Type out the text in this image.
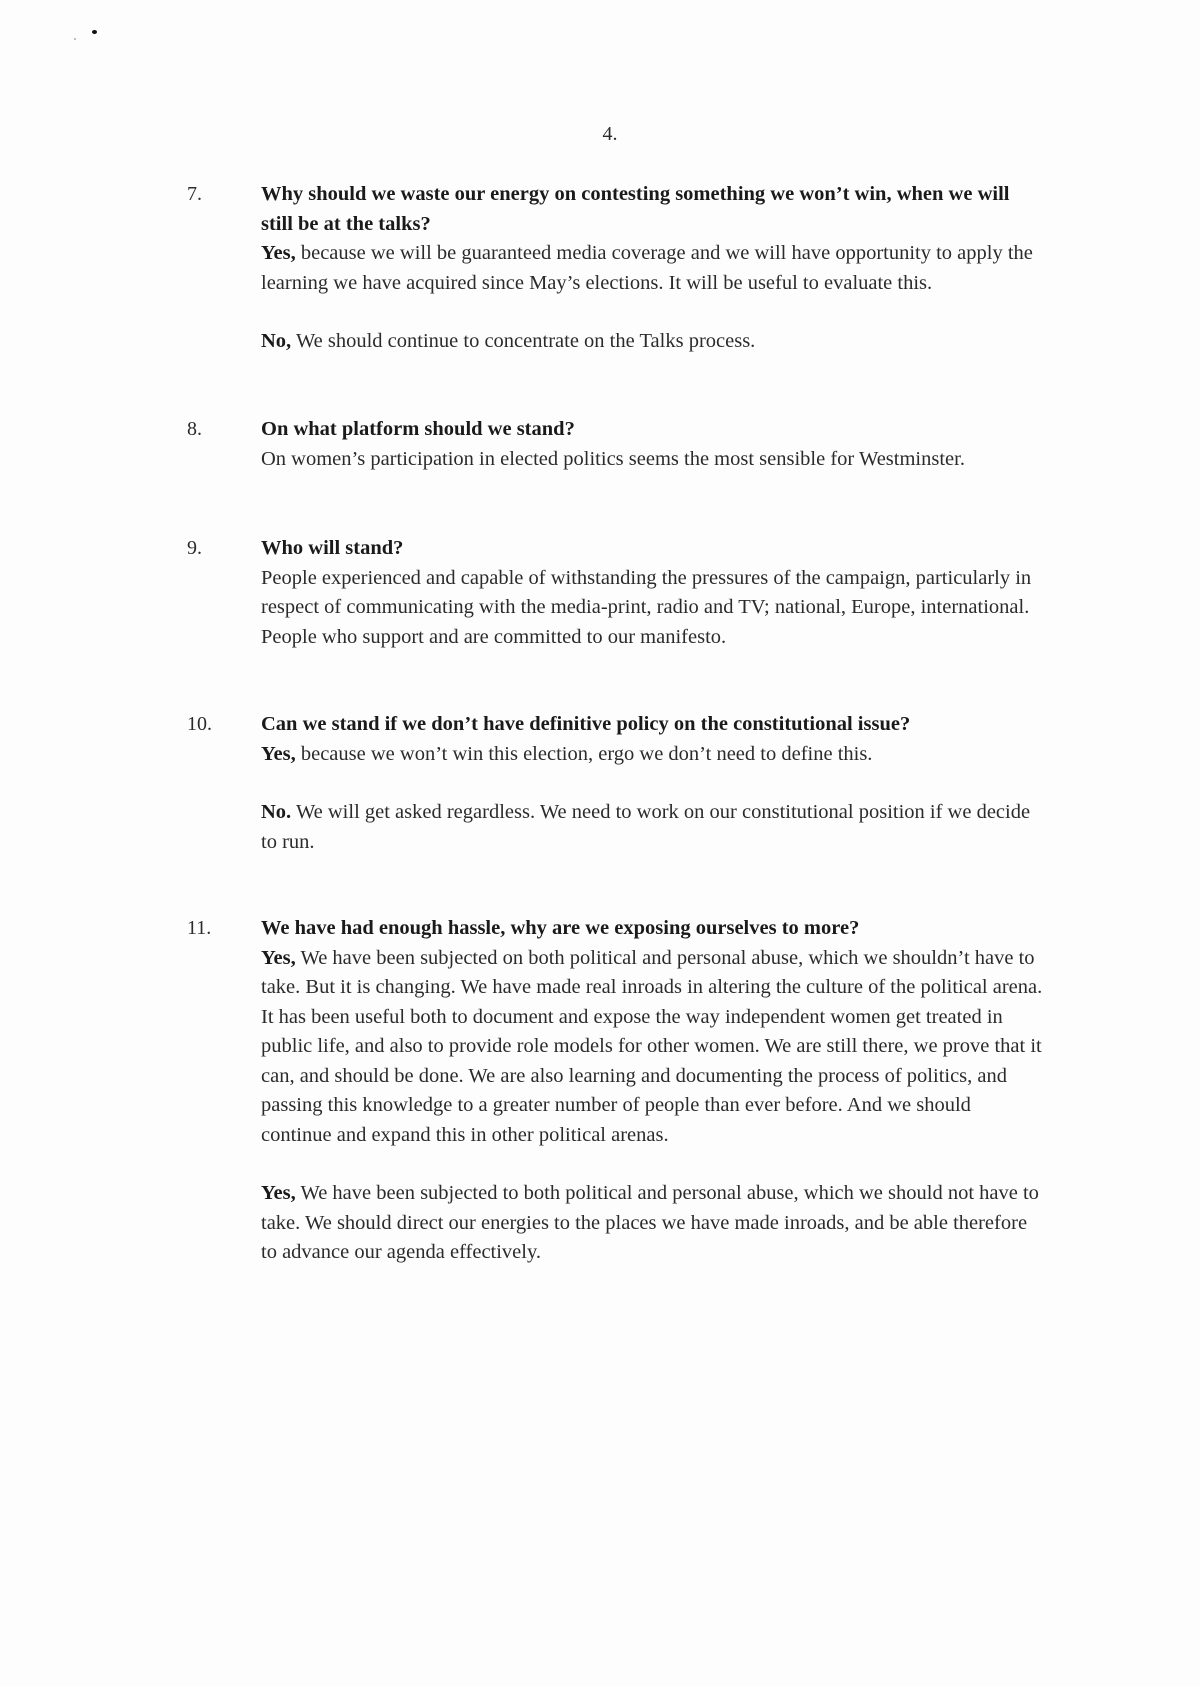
4.
7.	Why should we waste our energy on contesting something we won’t win, when we will still be at the talks?

Yes, because we will be guaranteed media coverage and we will have opportunity to apply the learning we have acquired since May’s elections. It will be useful to evaluate this.

No, We should continue to concentrate on the Talks process.

8.	On what platform should we stand?

On women’s participation in elected politics seems the most sensible for Westminster.

9.	Who will stand?

People experienced and capable of withstanding the pressures of the campaign, particularly in respect of communicating with the media-print, radio and TV; national, Europe, international. People who support and are committed to our manifesto.

10. Can we stand if we don’t have definitive policy on the constitutional issue?

Yes, because we won’t win this election, ergo we don’t need to define this.

No. We will get asked regardless. We need to work on our constitutional position if we decide to run.

11. We have had enough hassle, why are we exposing ourselves to more?

Yes, We have been subjected on both political and personal abuse, which we shouldn’t have to take. But it is changing. We have made real inroads in altering the culture of the political arena. It has been useful both to document and expose the way independent women get treated in public life, and also to provide role models for other women. We are still there, we prove that it can, and should be done. We are also learning and documenting the process of politics, and passing this knowledge to a greater number of people than ever before. And we should continue and expand this in other political arenas.

Yes, We have been subjected to both political and personal abuse, which we should not have to take. We should direct our energies to the places we have made inroads, and be able therefore to advance our agenda effectively.
